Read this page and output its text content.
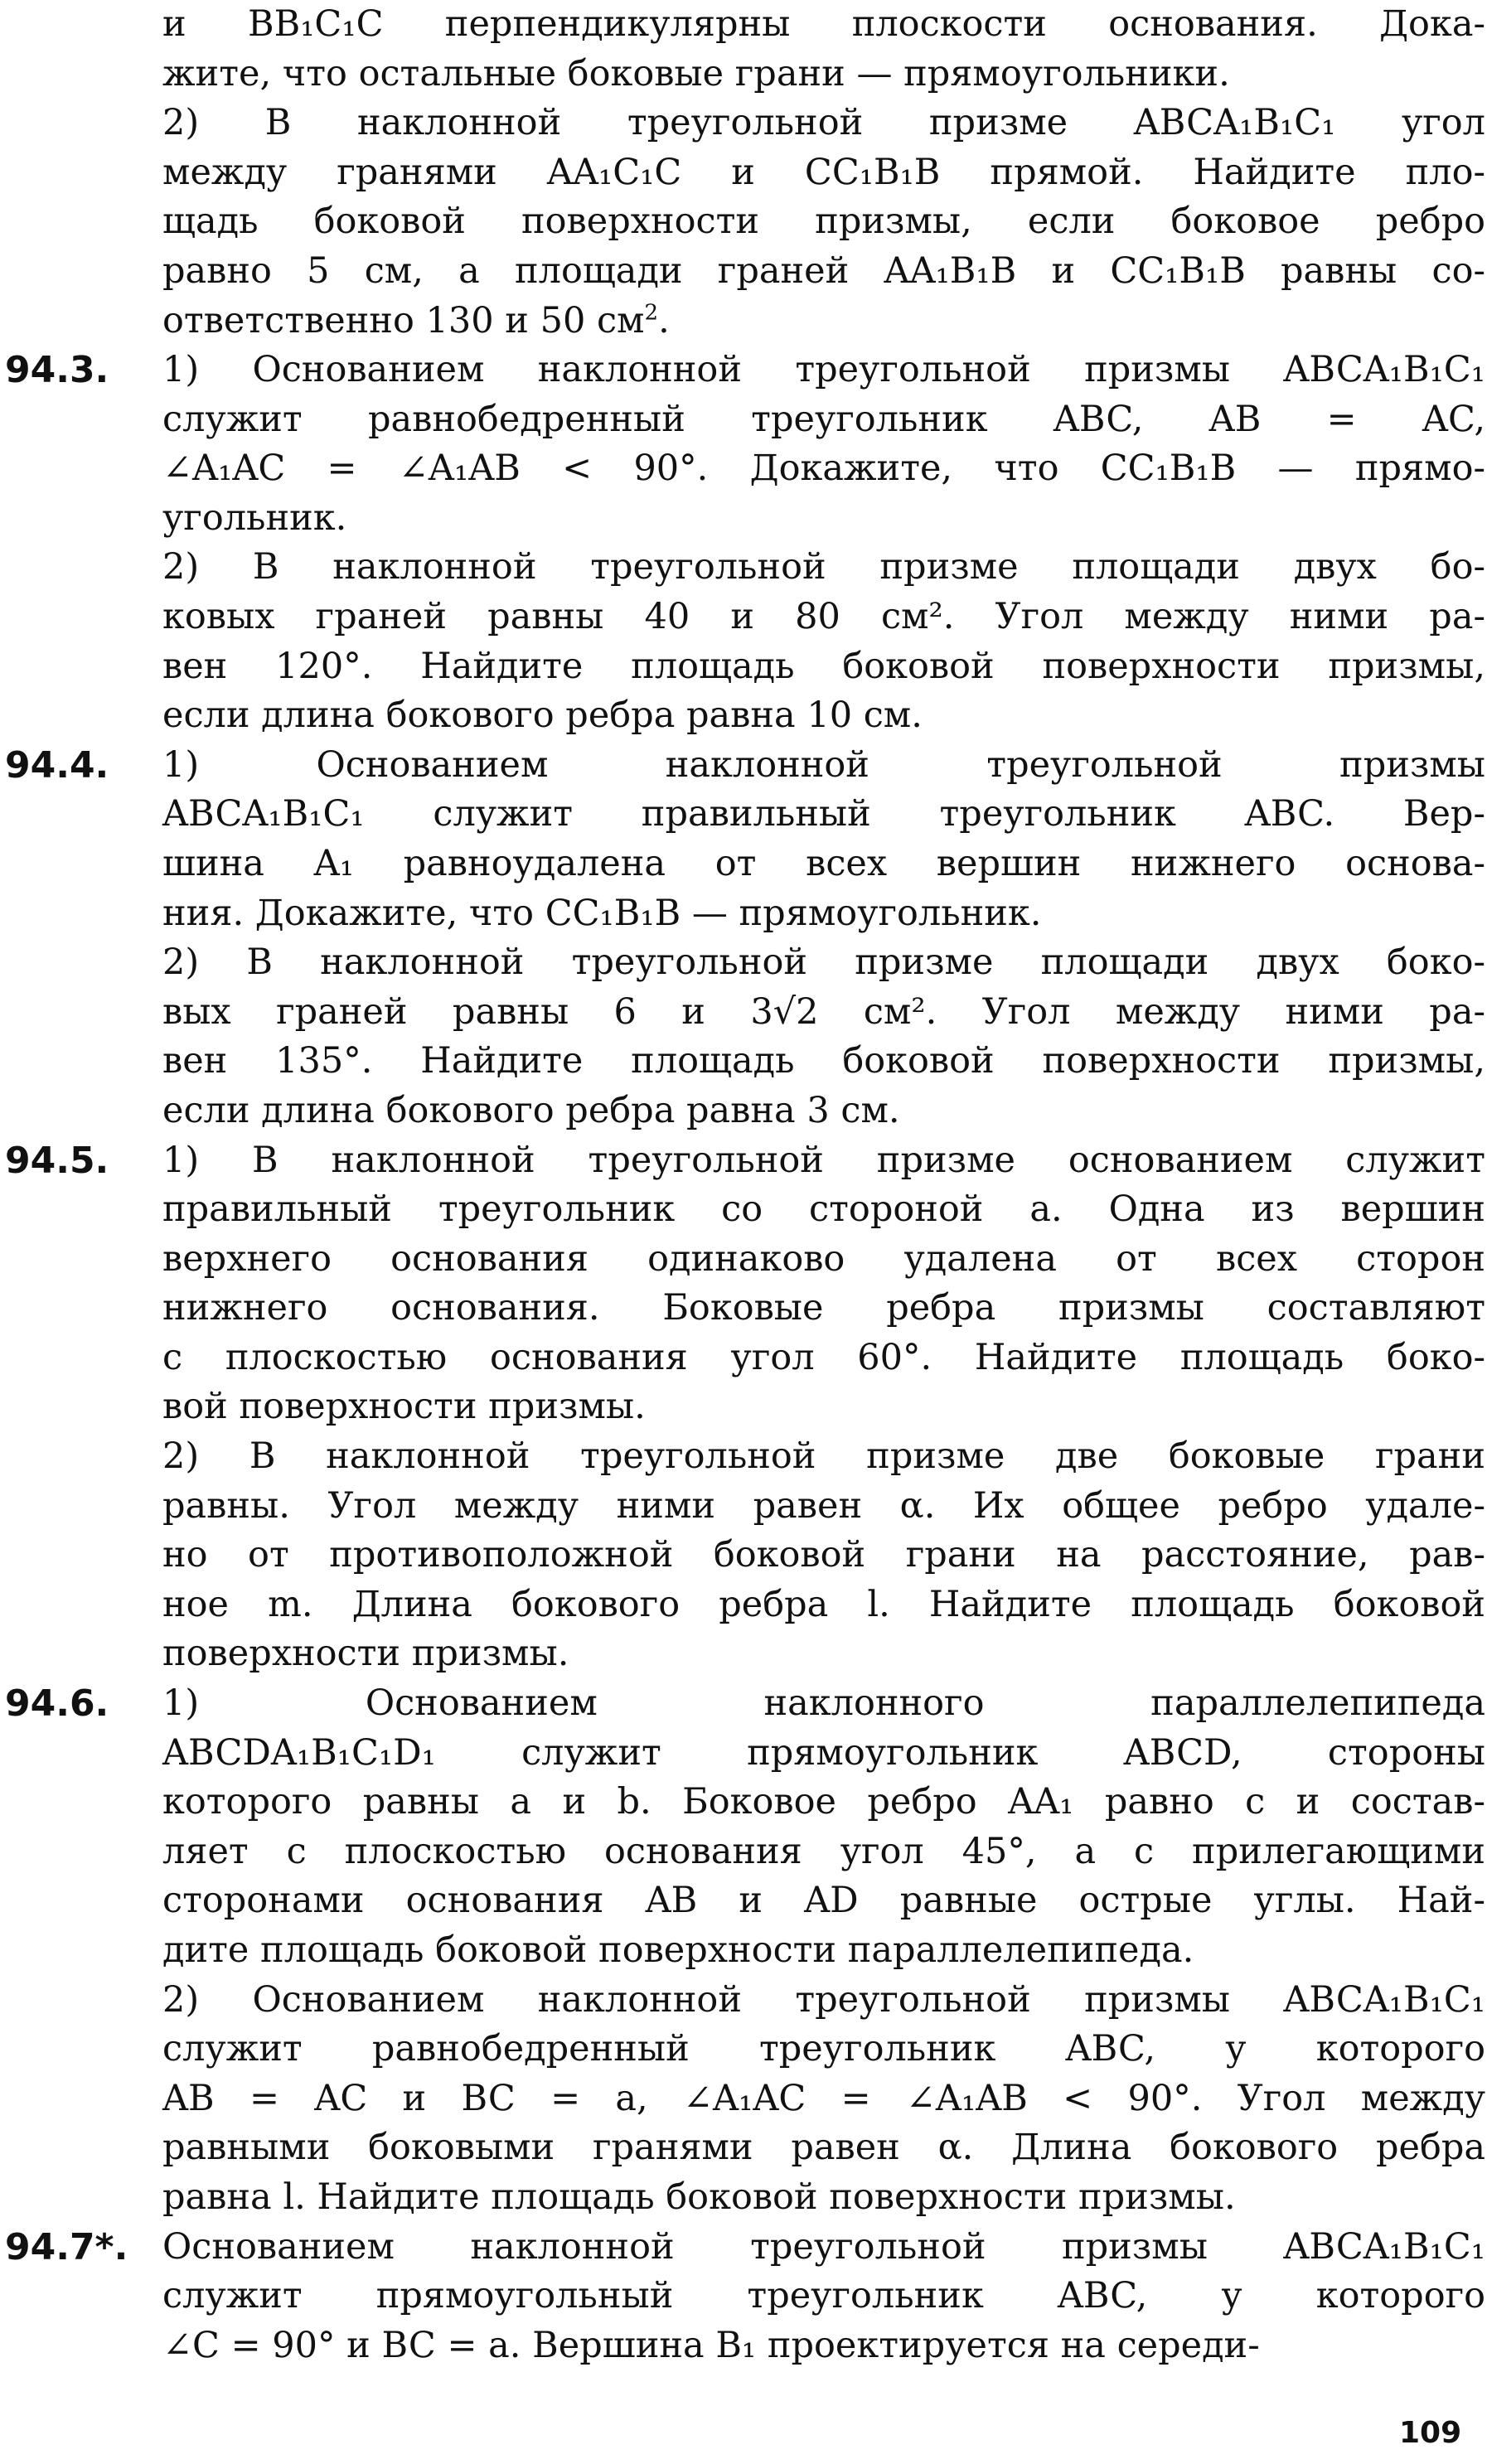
и BB₁C₁C перпендикулярны плоскости основания. Дока-

жите, что остальные боковые грани — прямоугольники.

2) В наклонной треугольной призме ABCA₁B₁C₁ угол

между гранями AA₁C₁C и CC₁B₁B прямой. Найдите пло-

щадь боковой поверхности призмы, если боковое ребро

равно 5 см, а площади граней AA₁B₁B и CC₁B₁B равны со-

ответственно 130 и 50 $см^2$.

94.3. 1) Основанием наклонной треугольной призмы ABCA₁B₁C₁

служит равнобедренный треугольник ABC, AB = AC,

∠A₁AC = ∠A₁AB < 90°. Докажите, что CC₁B₁B — прямо-

угольник.

2) В наклонной треугольной призме площади двух бо-

ковых граней равны 40 и 80 см². Угол между ними ра-

вен 120°. Найдите площадь боковой поверхности призмы,

если длина бокового ребра равна 10 см.

94.4. 1) Основанием наклонной треугольной призмы

ABCA₁B₁C₁ служит правильный треугольник ABC. Вер-

шина A₁ равноудалена от всех вершин нижнего основа-

ния. Докажите, что CC₁B₁B — прямоугольник.

2) В наклонной треугольной призме площади двух боко-

вых граней равны 6 и 3√2 см². Угол между ними ра-

вен 135°. Найдите площадь боковой поверхности призмы,

если длина бокового ребра равна 3 см.

94.5. 1) В наклонной треугольной призме основанием служит

правильный треугольник со стороной a. Одна из вершин

верхнего основания одинаково удалена от всех сторон

нижнего основания. Боковые ребра призмы составляют

с плоскостью основания угол 60°. Найдите площадь боко-

вой поверхности призмы.

2) В наклонной треугольной призме две боковые грани

равны. Угол между ними равен α. Их общее ребро удале-

но от противоположной боковой грани на расстояние, рав-

ное m. Длина бокового ребра l. Найдите площадь боковой

поверхности призмы.

94.6. 1) Основанием наклонного параллелепипеда

ABCDA₁B₁C₁D₁ служит прямоугольник ABCD, стороны

которого равны a и b. Боковое ребро AA₁ равно c и состав-

ляет с плоскостью основания угол 45°, а с прилегающими

сторонами основания AB и AD равные острые углы. Най-

дите площадь боковой поверхности параллелепипеда.

2) Основанием наклонной треугольной призмы ABCA₁B₁C₁

служит равнобедренный треугольник ABC, у которого

AB = AC и BC = a, ∠A₁AC = ∠A₁AB < 90°. Угол между

равными боковыми гранями равен α. Длина бокового ребра

равна l. Найдите площадь боковой поверхности призмы.

94.7*. Основанием наклонной треугольной призмы ABCA₁B₁C₁

служит прямоугольный треугольник ABC, у которого

∠C = 90° и BC = a. Вершина B₁ проектируется на середи-

109
